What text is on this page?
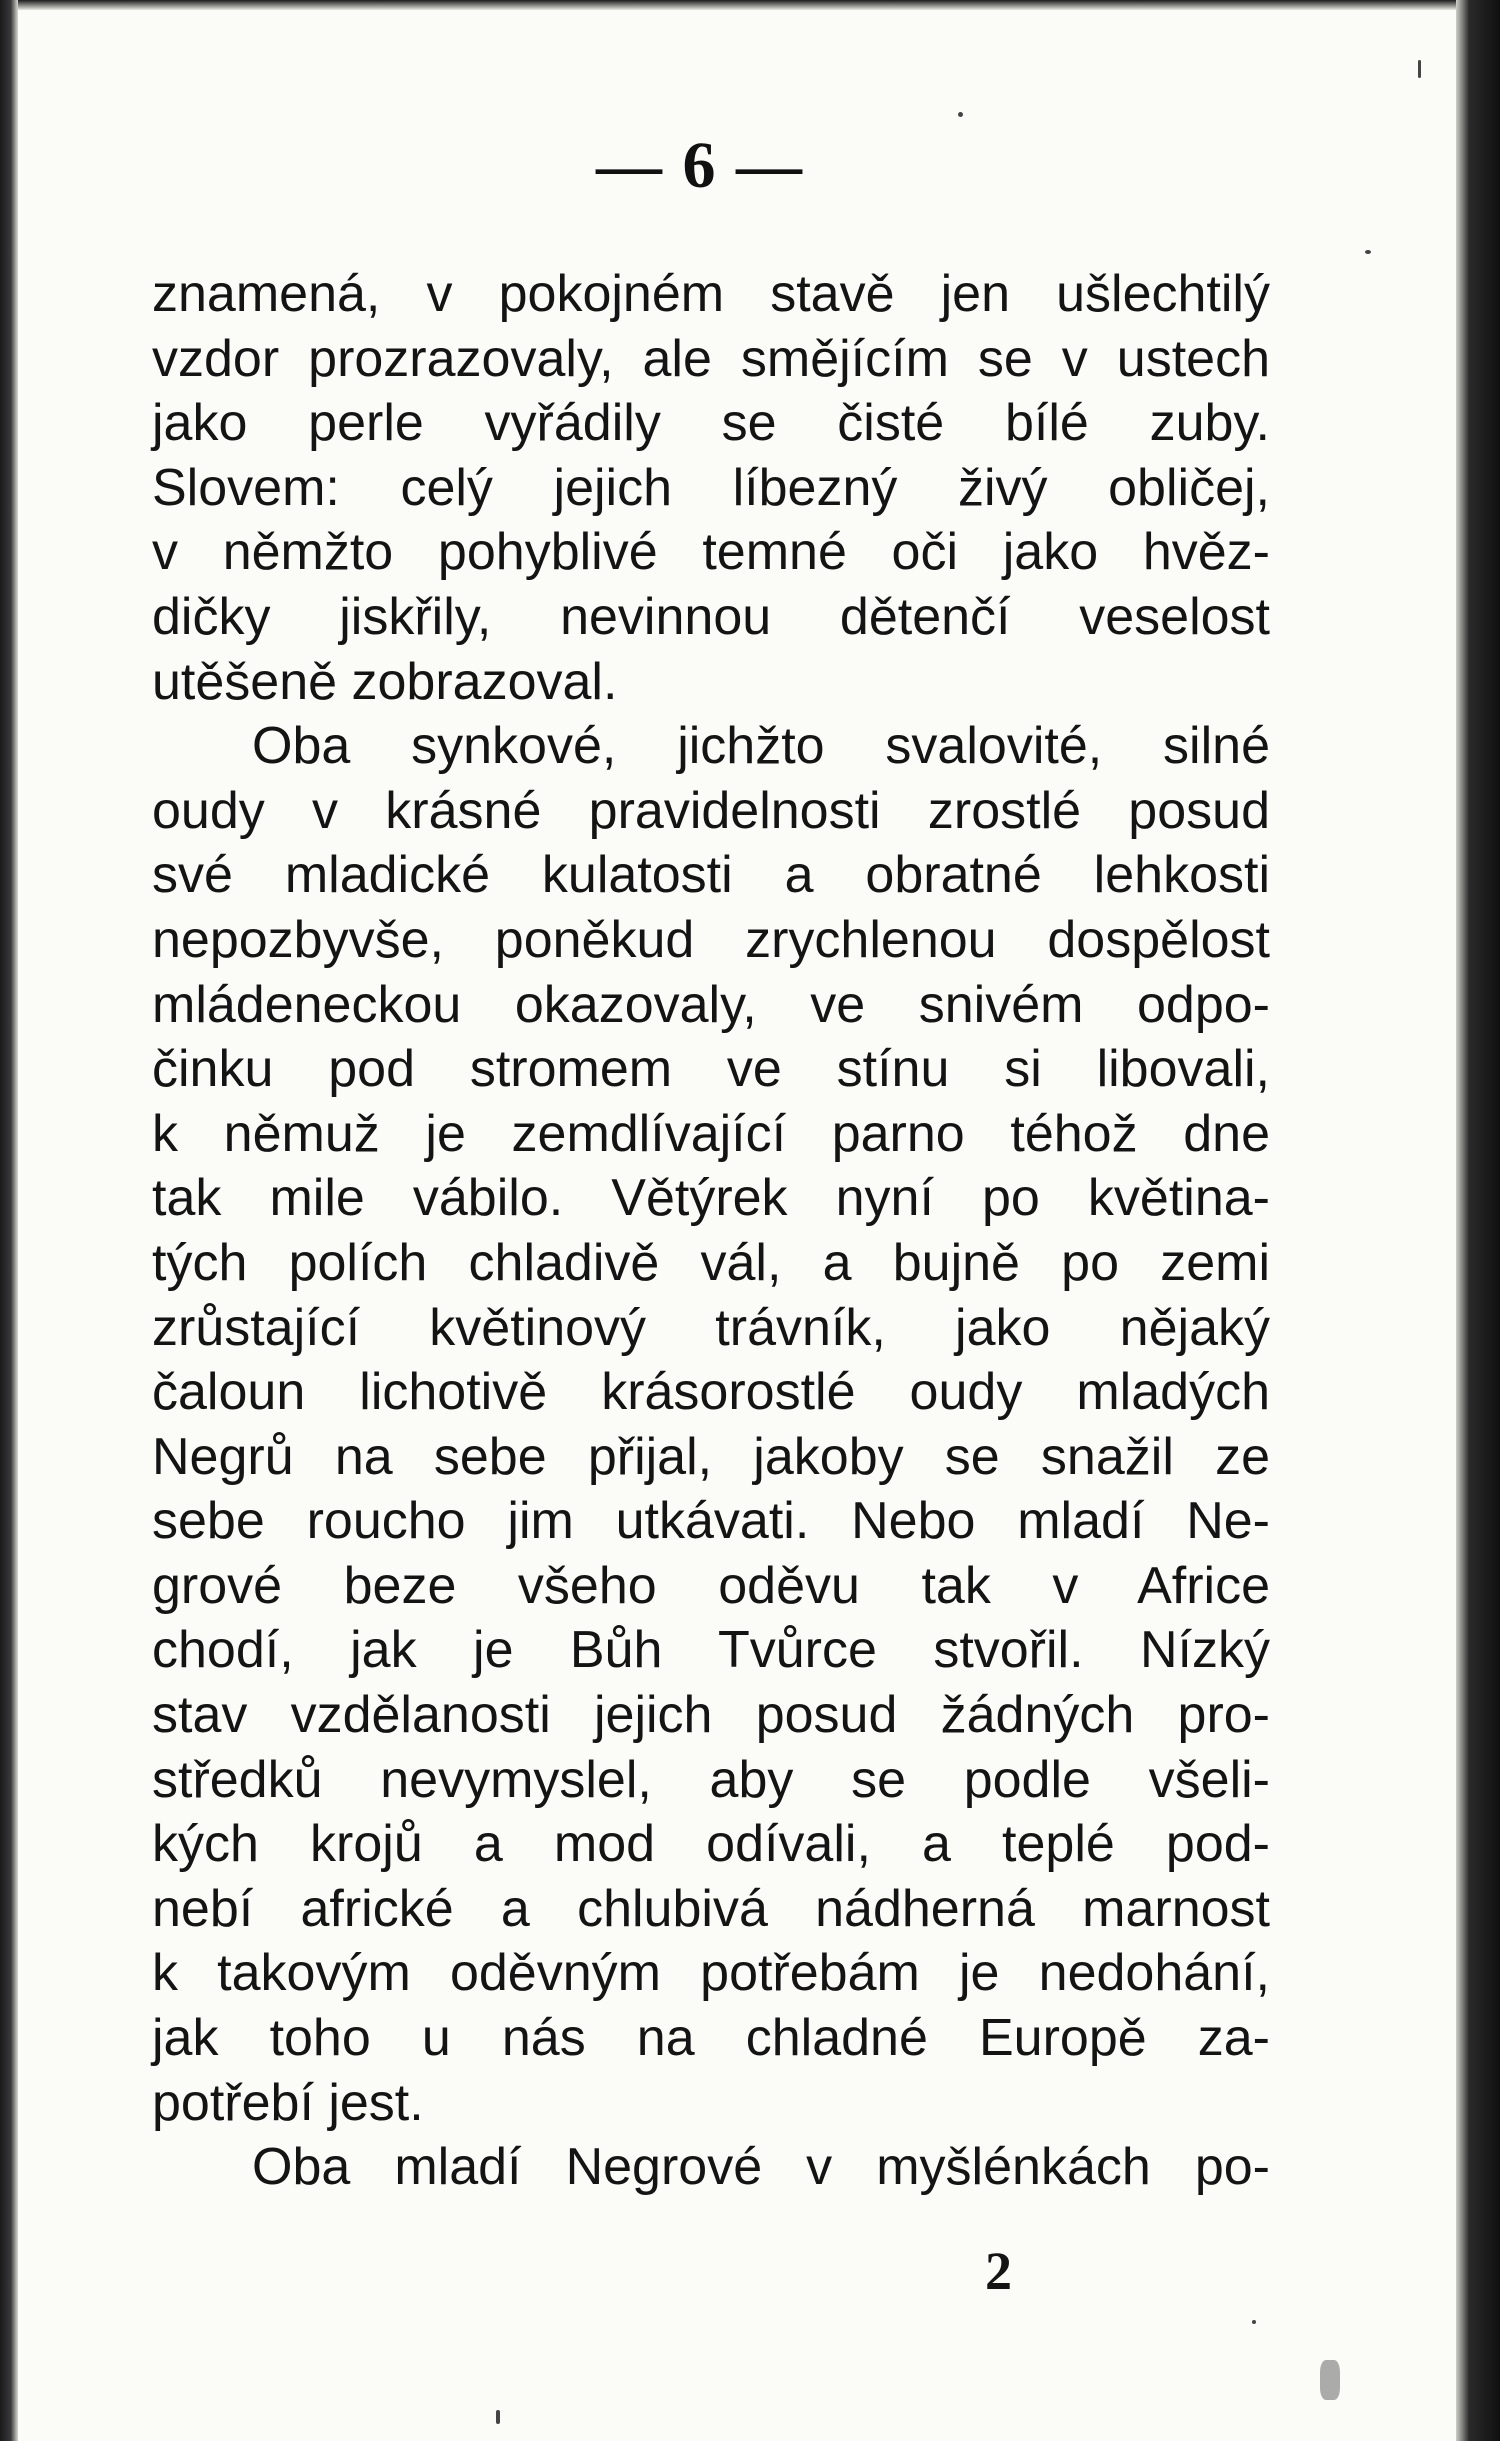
— 6 —
znamená, v pokojném stavě jen ušlechtilý
vzdor prozrazovaly, ale smějícím se v ustech
jako perle vyřádily se čisté bílé zuby.
Slovem: celý jejich líbezný živý obličej,
v němžto pohyblivé temné oči jako hvěz-
dičky jiskřily, nevinnou dětenčí veselost
utěšeně zobrazoval.
Oba synkové, jichžto svalovité, silné
oudy v krásné pravidelnosti zrostlé posud
své mladické kulatosti a obratné lehkosti
nepozbyvše, poněkud zrychlenou dospělost
mládeneckou okazovaly, ve snivém odpo-
činku pod stromem ve stínu si libovali,
k němuž je zemdlívající parno téhož dne
tak mile vábilo. Větýrek nyní po květina-
tých polích chladivě vál, a bujně po zemi
zrůstající květinový trávník, jako nějaký
čaloun lichotivě krásorostlé oudy mladých
Negrů na sebe přijal, jakoby se snažil ze
sebe roucho jim utkávati. Nebo mladí Ne-
grové beze všeho oděvu tak v Africe
chodí, jak je Bůh Tvůrce stvořil. Nízký
stav vzdělanosti jejich posud žádných pro-
středků nevymyslel, aby se podle všeli-
kých krojů a mod odívali, a teplé pod-
nebí africké a chlubivá nádherná marnost
k takovým oděvným potřebám je nedohání,
jak toho u nás na chladné Europě za-
potřebí jest.
Oba mladí Negrové v myšlénkách po-
2
